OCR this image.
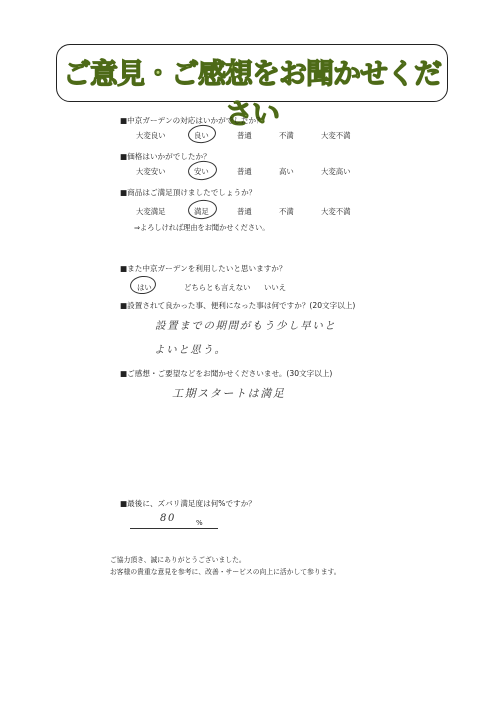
ご意見・ご感想をお聞かせください
■中京ガーデンの対応はいかがでしたか？
大変良い	良い	普通	不満	大変不満
■価格はいかがでしたか？
大変安い	安い	普通	高い	大変高い
■商品はご満足頂けましたでしょうか？
大変満足	満足	普通	不満	大変不満
⇒よろしければ理由をお聞かせください。
■また中京ガーデンを利用したいと思いますか？
はい	どちらとも言えない いいえ
■設置されて良かった事、便利になった事は何ですか？(20文字以上)
設置までの期間がもう少し早いと
よいと思う。
■ご感想・ご要望などをお聞かせくださいませ。(30文字以上)
工期スタートは満足
■最後に、ズバリ満足度は何%ですか？
80	%
ご協力頂き、誠にありがとうございました。
お客様の貴重な意見を参考に、改善・サービスの向上に活かして参ります。
